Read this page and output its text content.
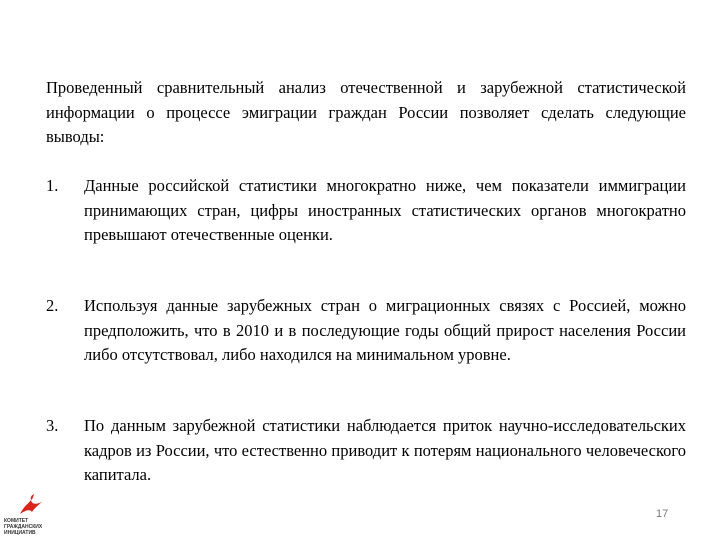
Проведенный сравнительный анализ отечественной и зарубежной статистической информации о процессе эмиграции граждан России позволяет сделать следующие выводы:

1.	Данные российской статистики многократно ниже, чем показатели иммиграции принимающих стран, цифры иностранных статистических органов многократно превышают отечественные оценки.
2.	Используя данные зарубежных стран о миграционных связях с Россией, можно предположить, что в 2010 и в последующие годы общий прирост населения России либо отсутствовал, либо находился на минимальном уровне.
3.	По данным зарубежной статистики наблюдается приток научно-исследовательских кадров из России, что естественно приводит к потерям национального человеческого капитала.
КОМИТЕТ
ГРАЖДАНСКИХ
ИНИЦИАТИВ
17
